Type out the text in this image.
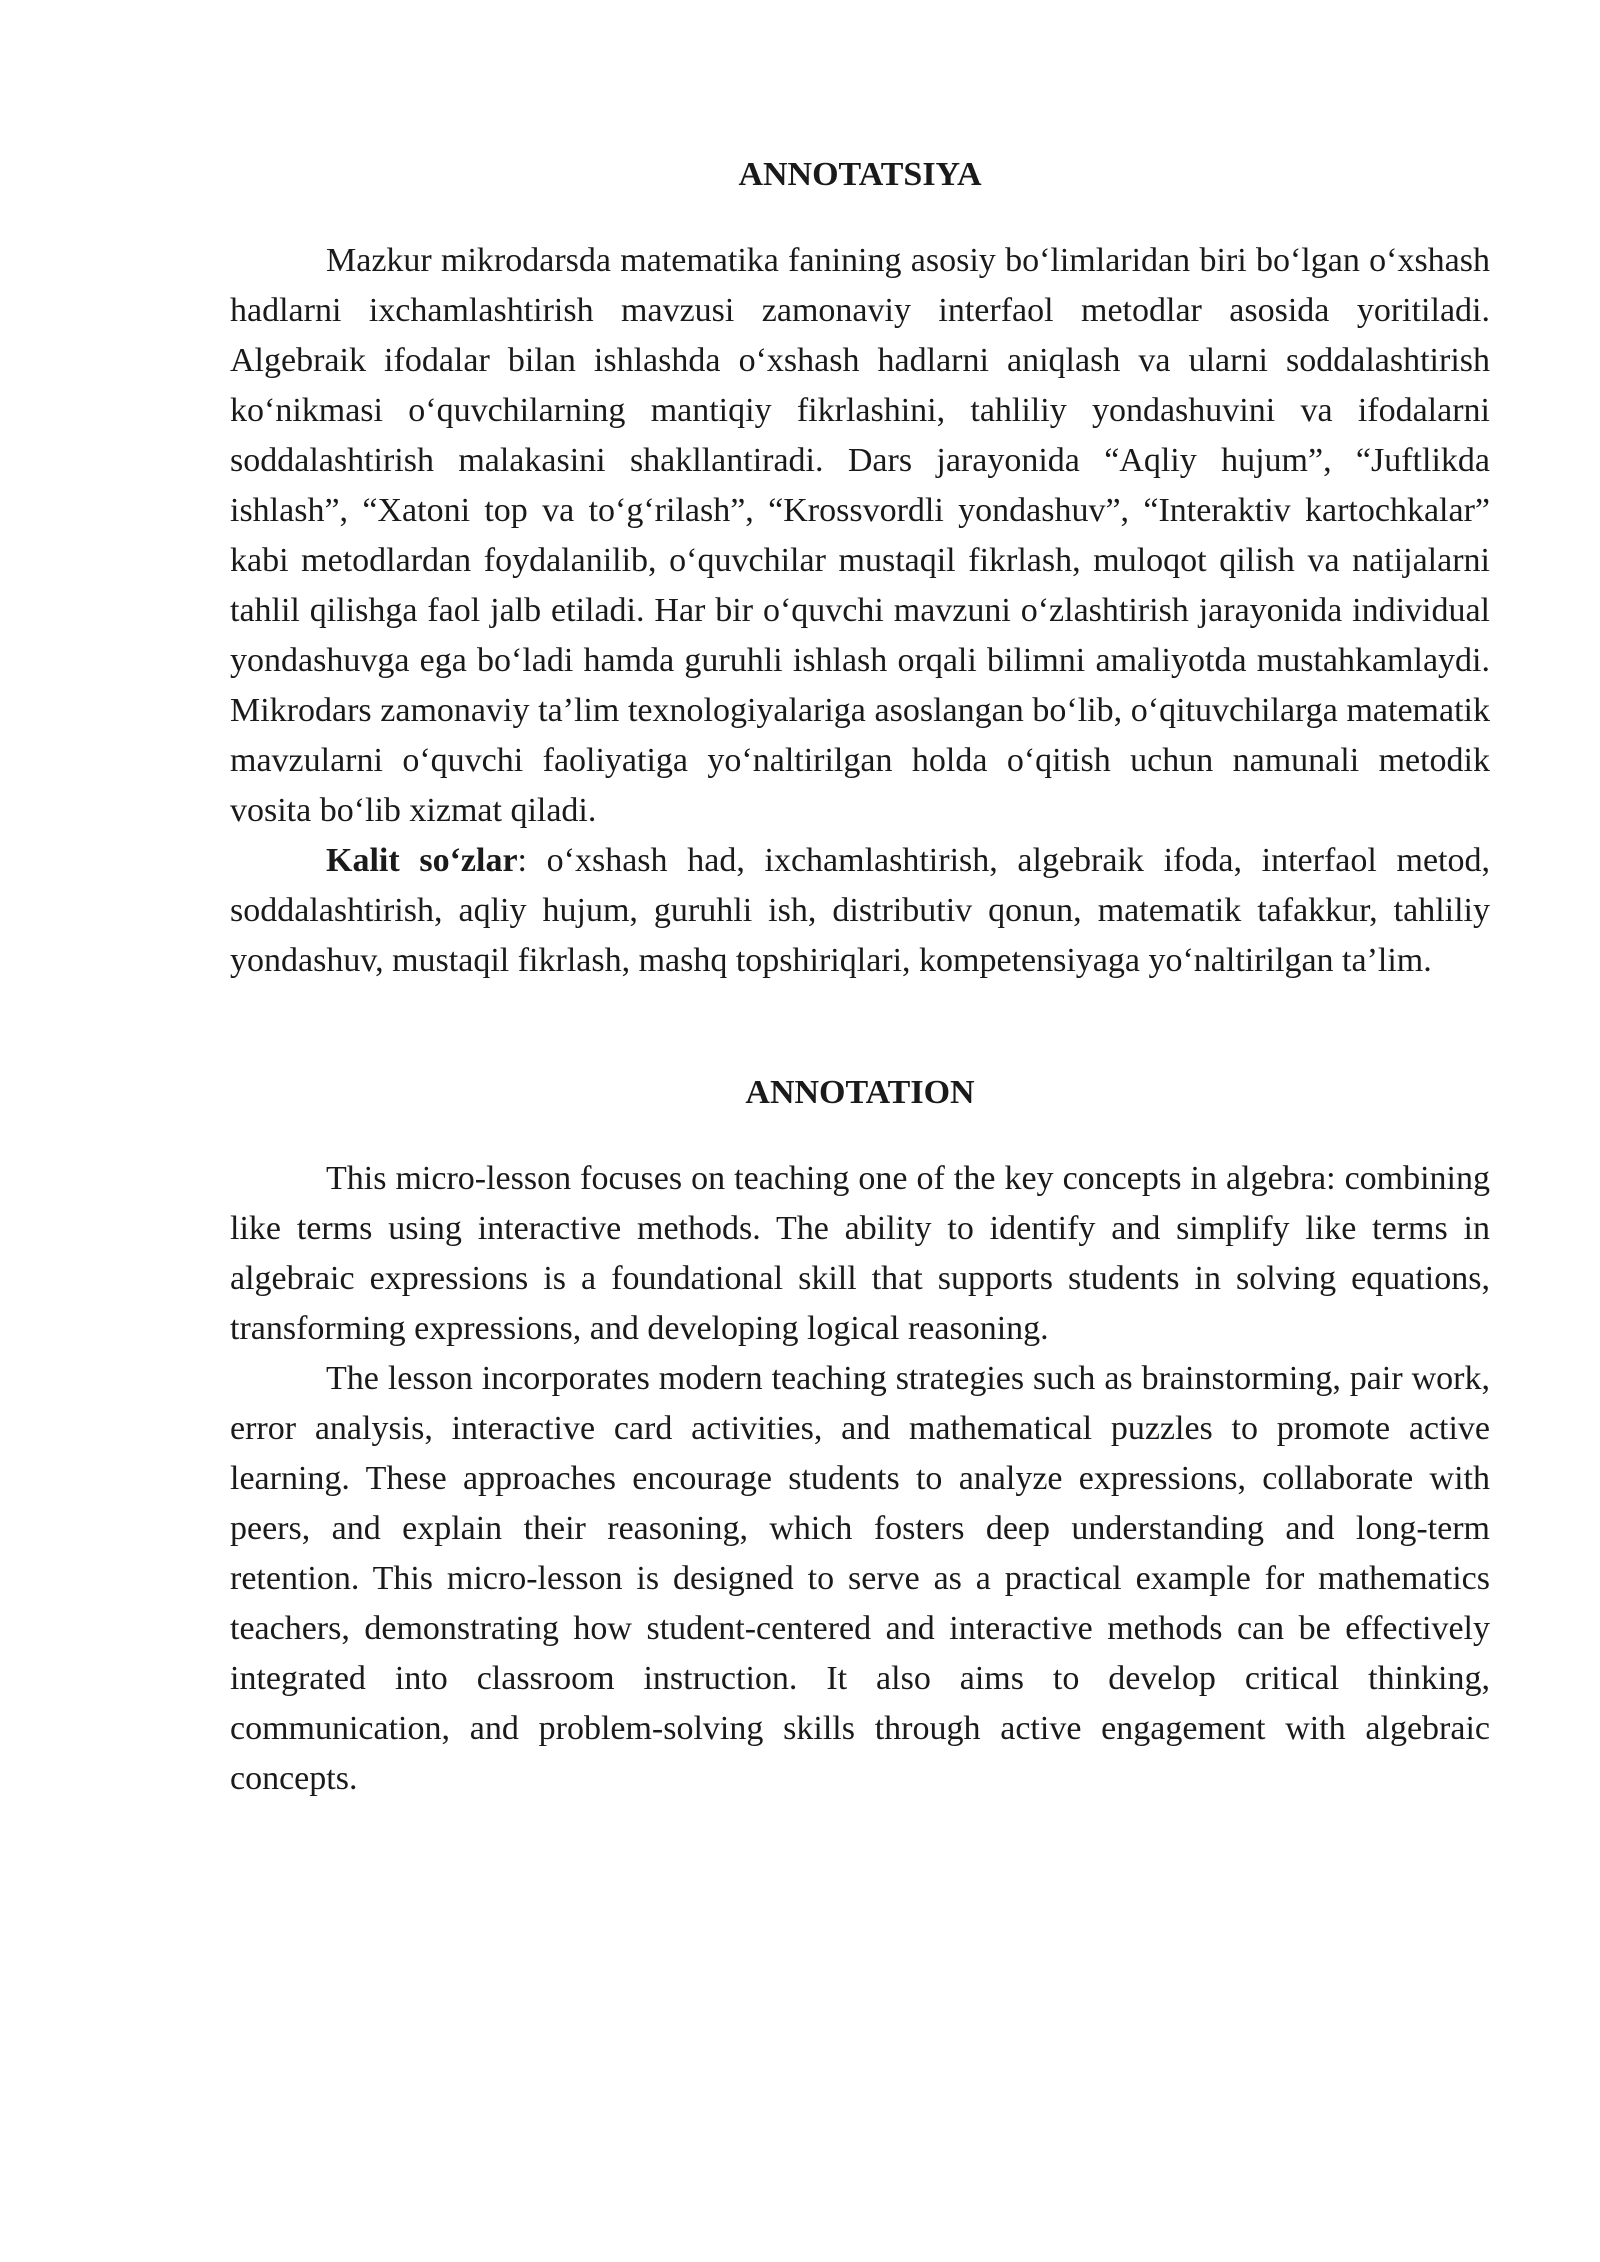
ANNOTATSIYA

Mazkur mikrodarsda matematika fanining asosiy bo‘limlaridan biri bo‘lgan o‘xshash hadlarni ixchamlashtirish mavzusi zamonaviy interfaol metodlar asosida yoritiladi. Algebraik ifodalar bilan ishlashda o‘xshash hadlarni aniqlash va ularni soddalashtirish ko‘nikmasi o‘quvchilarning mantiqiy fikrlashini, tahliliy yondashuvini va ifodalarni soddalashtirish malakasini shakllantiradi. Dars jarayonida “Aqliy hujum”, “Juftlikda ishlash”, “Xatoni top va to‘g‘rilash”, “Krossvordli yondashuv”, “Interaktiv kartochkalar” kabi metodlardan foydalanilib, o‘quvchilar mustaqil fikrlash, muloqot qilish va natijalarni tahlil qilishga faol jalb etiladi. Har bir o‘quvchi mavzuni o‘zlashtirish jarayonida individual yondashuvga ega bo‘ladi hamda guruhli ishlash orqali bilimni amaliyotda mustahkamlaydi. Mikrodars zamonaviy ta’lim texnologiyalariga asoslangan bo‘lib, o‘qituvchilarga matematik mavzularni o‘quvchi faoliyatiga yo‘naltirilgan holda o‘qitish uchun namunali metodik vosita bo‘lib xizmat qiladi.

Kalit so‘zlar: o‘xshash had, ixchamlashtirish, algebraik ifoda, interfaol metod, soddalashtirish, aqliy hujum, guruhli ish, distributiv qonun, matematik tafakkur, tahliliy yondashuv, mustaqil fikrlash, mashq topshiriqlari, kompetensiyaga yo‘naltirilgan ta’lim.

ANNOTATION

This micro-lesson focuses on teaching one of the key concepts in algebra: combining like terms using interactive methods. The ability to identify and simplify like terms in algebraic expressions is a foundational skill that supports students in solving equations, transforming expressions, and developing logical reasoning.

The lesson incorporates modern teaching strategies such as brainstorming, pair work, error analysis, interactive card activities, and mathematical puzzles to promote active learning. These approaches encourage students to analyze expressions, collaborate with peers, and explain their reasoning, which fosters deep understanding and long-term retention. This micro-lesson is designed to serve as a practical example for mathematics teachers, demonstrating how student-centered and interactive methods can be effectively integrated into classroom instruction. It also aims to develop critical thinking, communication, and problem-solving skills through active engagement with algebraic concepts.
